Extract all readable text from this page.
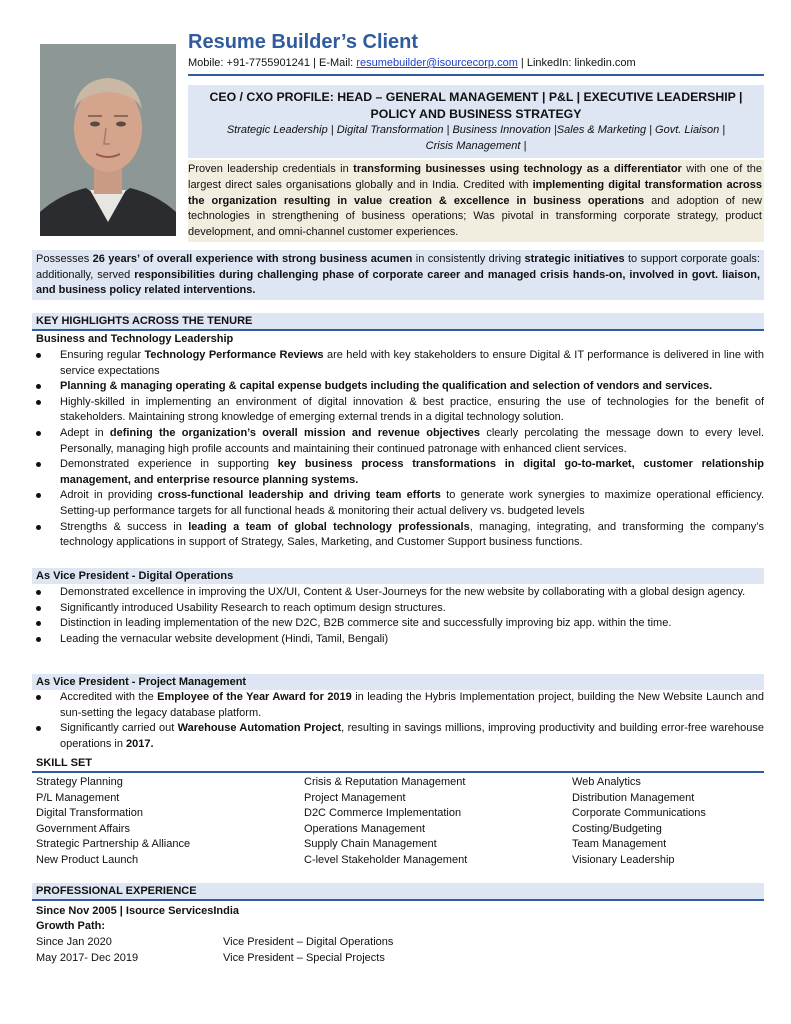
Resume Builder’s Client
Mobile: +91-7755901241 | E-Mail: resumebuilder@isourcecorp.com | LinkedIn: linkedin.com
CEO / CXO PROFILE: HEAD – GENERAL MANAGEMENT | P&L | EXECUTIVE LEADERSHIP |
POLICY AND BUSINESS STRATEGY
Strategic Leadership | Digital Transformation | Business Innovation |Sales & Marketing | Govt. Liaison |
Crisis Management |
Proven leadership credentials in transforming businesses using technology as a differentiator with one of the largest direct sales organisations globally and in India. Credited with implementing digital transformation across the organization resulting in value creation & excellence in business operations and adoption of new technologies in strengthening of business operations; Was pivotal in transforming corporate strategy, product development, and omni-channel customer experiences.
Possesses 26 years’ of overall experience with strong business acumen in consistently driving strategic initiatives to support corporate goals: additionally, served responsibilities during challenging phase of corporate career and managed crisis hands-on, involved in govt. liaison, and business policy related interventions.
KEY HIGHLIGHTS ACROSS THE TENURE
Business and Technology Leadership
Ensuring regular Technology Performance Reviews are held with key stakeholders to ensure Digital & IT performance is delivered in line with service expectations
Planning & managing operating & capital expense budgets including the qualification and selection of vendors and services.
Highly-skilled in implementing an environment of digital innovation & best practice, ensuring the use of technologies for the benefit of stakeholders. Maintaining strong knowledge of emerging external trends in a digital technology solution.
Adept in defining the organization’s overall mission and revenue objectives clearly percolating the message down to every level. Personally, managing high profile accounts and maintaining their continued patronage with enhanced client services.
Demonstrated experience in supporting key business process transformations in digital go-to-market, customer relationship management, and enterprise resource planning systems.
Adroit in providing cross-functional leadership and driving team efforts to generate work synergies to maximize operational efficiency. Setting-up performance targets for all functional heads & monitoring their actual delivery vs. budgeted levels
Strengths & success in leading a team of global technology professionals, managing, integrating, and transforming the company’s technology applications in support of Strategy, Sales, Marketing, and Customer Support business functions.
As Vice President - Digital Operations
Demonstrated excellence in improving the UX/UI, Content & User-Journeys for the new website by collaborating with a global design agency.
Significantly introduced Usability Research to reach optimum design structures.
Distinction in leading implementation of the new D2C, B2B commerce site and successfully improving biz app. within the time.
Leading the vernacular website development (Hindi, Tamil, Bengali)
As Vice President - Project Management
Accredited with the Employee of the Year Award for 2019 in leading the Hybris Implementation project, building the New Website Launch and sun-setting the legacy database platform.
Significantly carried out Warehouse Automation Project, resulting in savings millions, improving productivity and building error-free warehouse operations in 2017.
SKILL SET
Strategy Planning
P/L Management
Digital Transformation
Government Affairs
Strategic Partnership & Alliance
New Product Launch
Crisis & Reputation Management
Project Management
D2C Commerce Implementation
Operations Management
Supply Chain Management
C-level Stakeholder Management
Web Analytics
Distribution Management
Corporate Communications
Costing/Budgeting
Team Management
Visionary Leadership
PROFESSIONAL EXPERIENCE
Since Nov 2005 | Isource ServicesIndia
Growth Path:
Since Jan 2020	Vice President – Digital Operations
May 2017- Dec 2019	Vice President – Special Projects
